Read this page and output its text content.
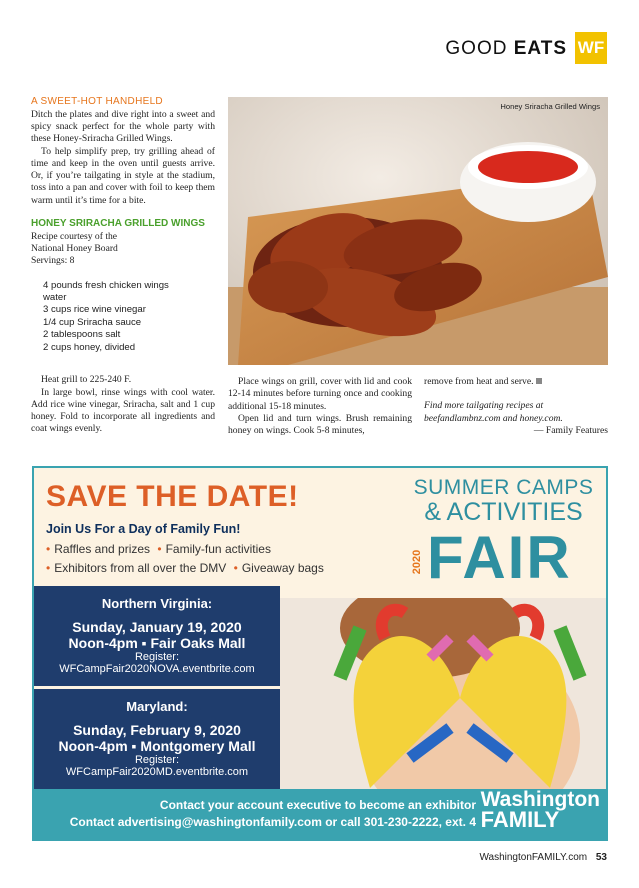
GOOD EATS WF
A SWEET-HOT HANDHELD

Ditch the plates and dive right into a sweet and spicy snack perfect for the whole party with these Honey-Sriracha Grilled Wings.

To help simplify prep, try grilling ahead of time and keep in the oven until guests arrive. Or, if you’re tailgating in style at the stadium, toss into a pan and cover with foil to keep them warm until it’s time for a bite.

HONEY SRIRACHA GRILLED WINGS

Recipe courtesy of the

National Honey Board

Servings: 8

4 pounds fresh chicken wings
water
3 cups rice wine vinegar
1/4 cup Sriracha sauce
2 tablespoons salt
2 cups honey, divided

Heat grill to 225-240 F.

In large bowl, rinse wings with cool water. Add rice wine vinegar, Sriracha, salt and 1 cup honey. Fold to incorporate all ingredients and coat wings evenly.

Place wings on grill, cover with lid and cook 12-14 minutes before turning once and cooking additional 15-18 minutes.

Open lid and turn wings. Brush remaining honey on wings. Cook 5-8 minutes,

remove from heat and serve.

Find more tailgating recipes at beefandlambnz.com and honey.com.

— Family Features

Honey Sriracha Grilled Wings
SAVE THE DATE!
Join Us For a Day of Family Fun!
• Raffles and prizes • Family-fun activities
• Exhibitors from all over the DMV • Giveaway bags
SUMMER CAMPS
& ACTIVITIES
2020 FAIR
Northern Virginia:
Sunday, January 19, 2020
Noon-4pm ▪ Fair Oaks Mall
Register:
WFCampFair2020NOVA.eventbrite.com
Maryland:
Sunday, February 9, 2020
Noon-4pm ▪ Montgomery Mall
Register:
WFCampFair2020MD.eventbrite.com
Contact your account executive to become an exhibitor
Contact advertising@washingtonfamily.com or call 301-230-2222, ext. 4
Washington
FAMILY
WashingtonFAMILY.com 53
